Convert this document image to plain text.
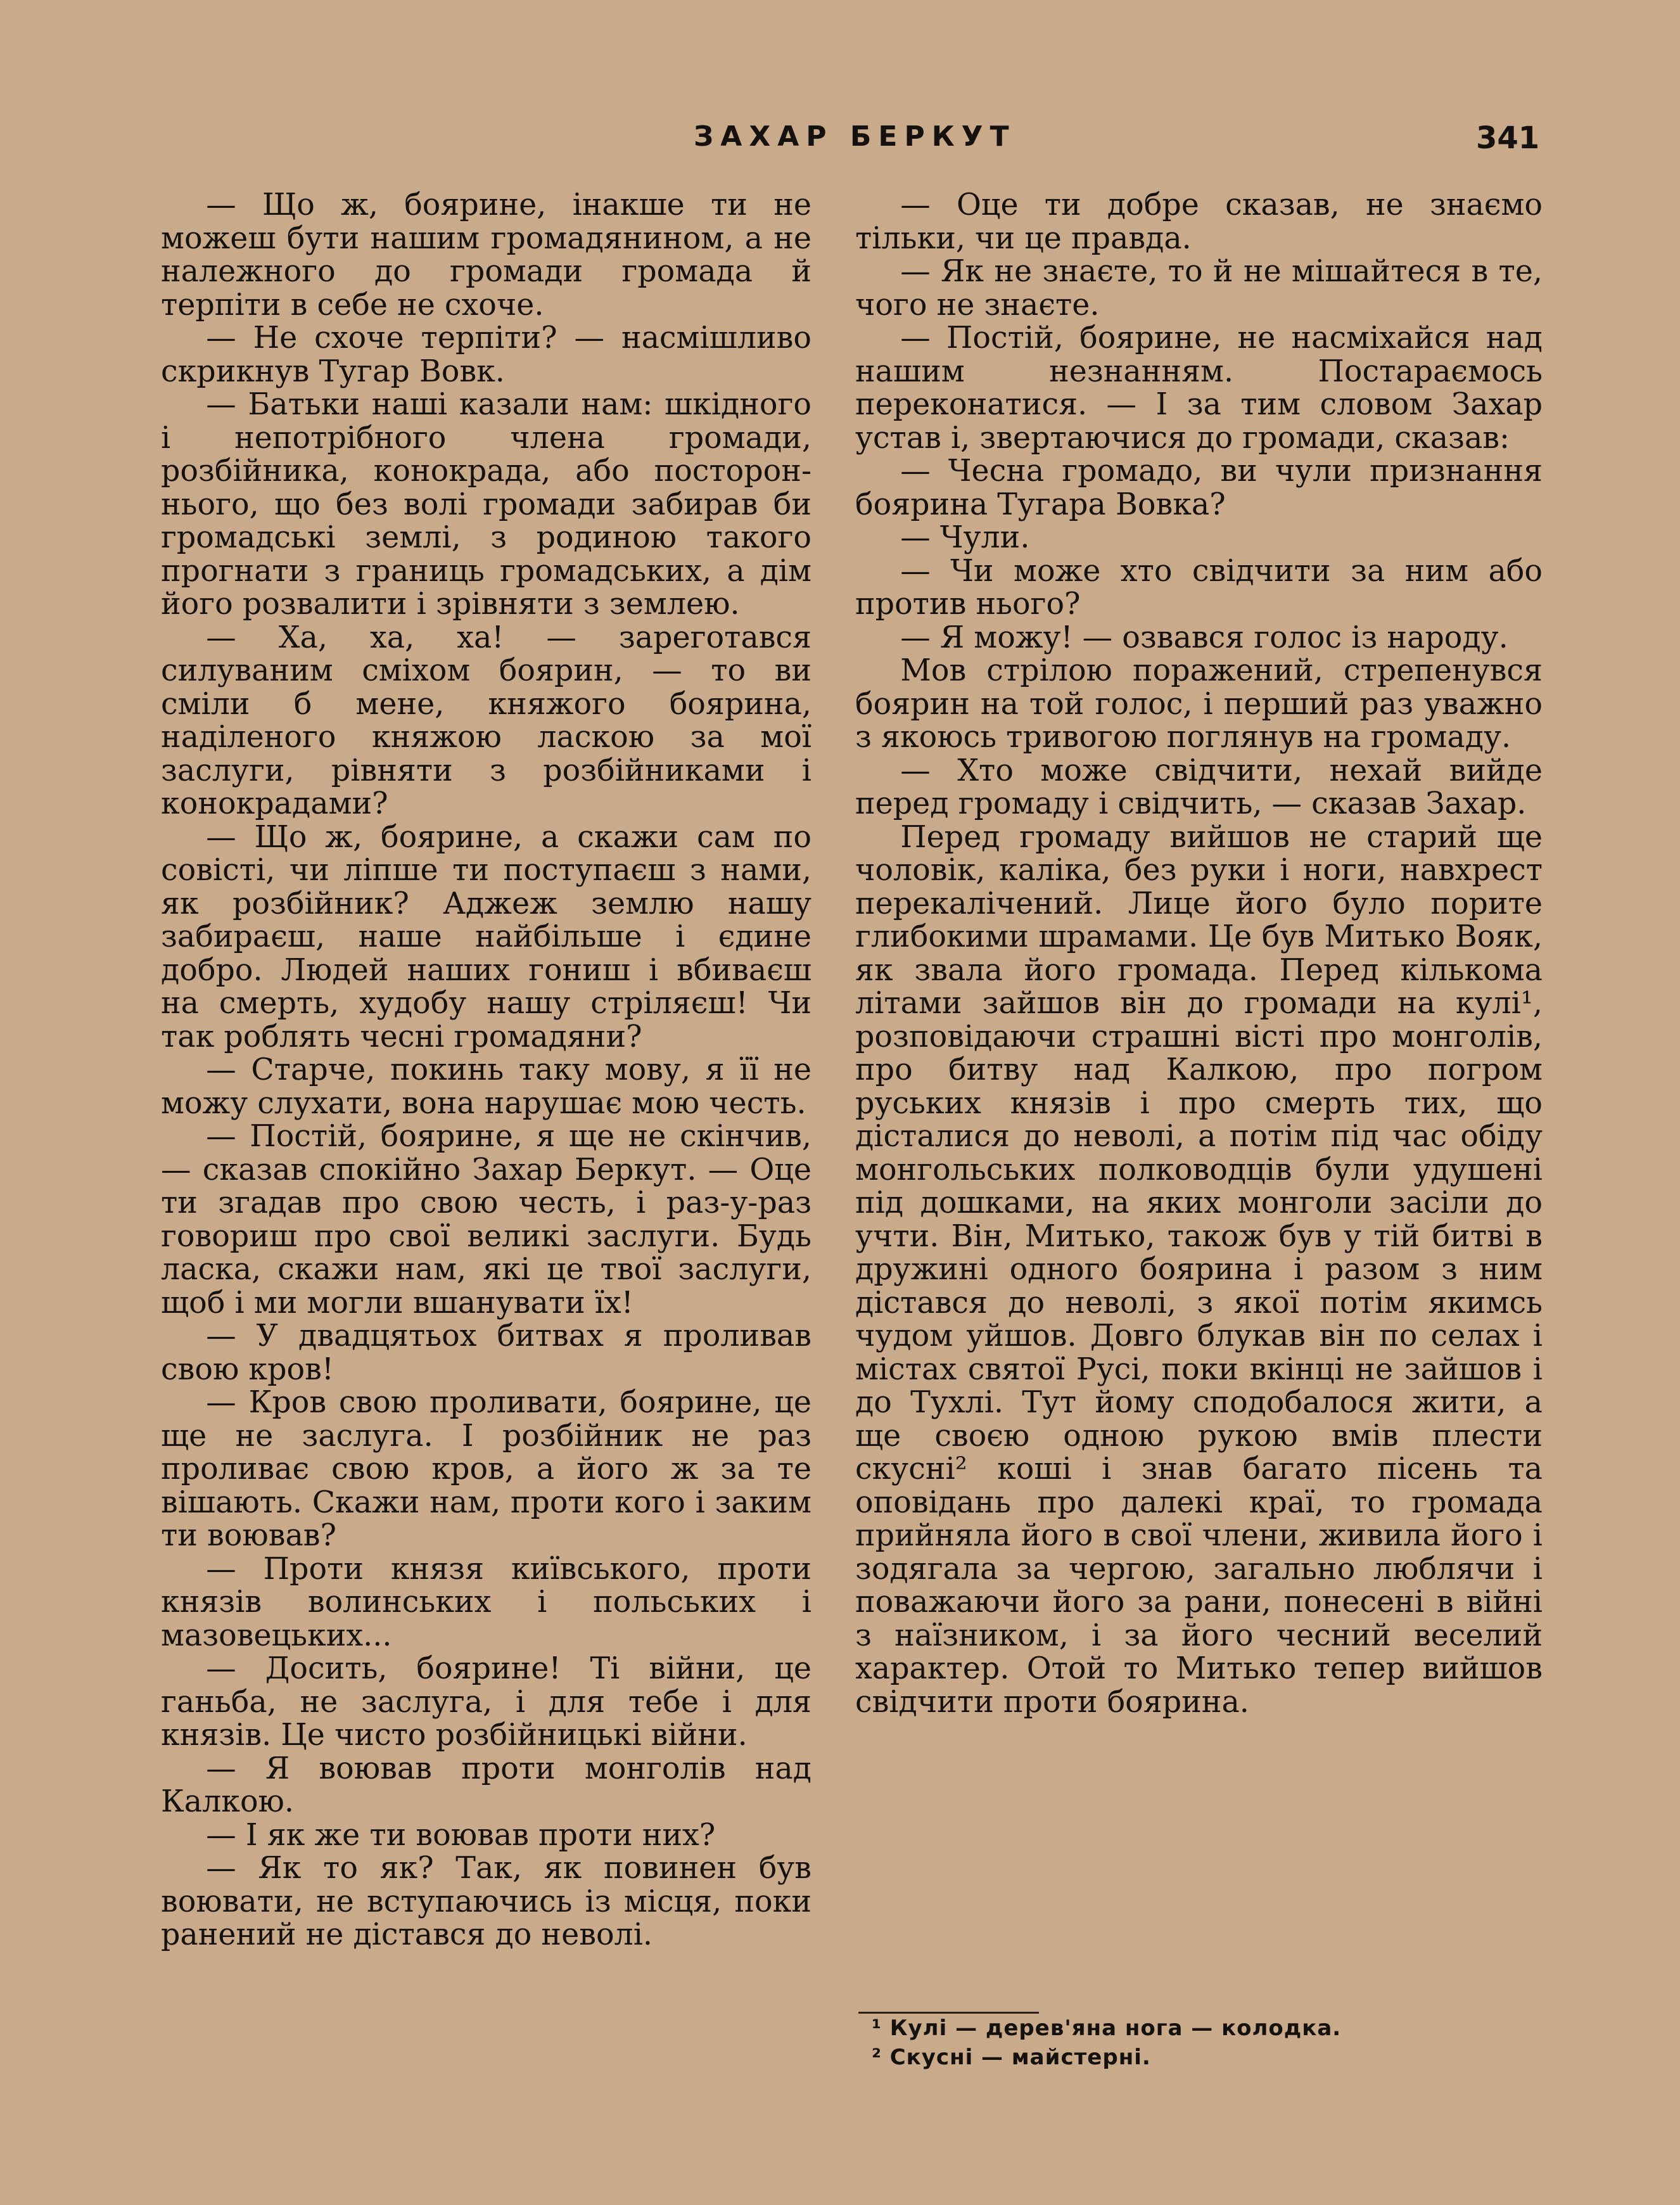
ЗАХАР БЕРКУТ	341

— Що ж, боярине, інакше ти не можеш бути нашим громадянином, а не належного до громади громада й терпіти в себе не схоче.

— Не схоче терпіти? — насмішливо скрикнув Тугар Вовк.

— Батьки наші казали нам: шкідного і непотрібного члена громади, розбійника, конокрада, або постороннього, що без волі громади забирав би громадські землі, з родиною такого прогнати з границь громадських, а дім його розвалити і зрівняти з землею.

— Ха, ха, ха! — зареготався силуваним сміхом боярин, — то ви сміли б мене, княжого боярина, наділеного княжою ласкою за мої заслуги, рівняти з розбійниками і конокрадами?

— Що ж, боярине, а скажи сам по совісті, чи ліпше ти поступаєш з нами, як розбійник? Аджеж землю нашу забираєш, наше найбільше і єдине добро. Людей наших гониш і вбиваєш на смерть, худобу нашу стріляєш! Чи так роблять чесні громадяни?

— Старче, покинь таку мову, я її не можу слухати, вона нарушає мою честь.

— Постій, боярине, я ще не скінчив, — сказав спокійно Захар Беркут. — Оце ти згадав про свою честь, і раз-у-раз говориш про свої великі заслуги. Будь ласка, скажи нам, які це твої заслуги, щоб і ми могли вшанувати їх!

— У двадцятьох битвах я проливав свою кров!

— Кров свою проливати, боярине, це ще не заслуга. І розбійник не раз проливає свою кров, а його ж за те вішають. Скажи нам, проти кого і заким ти воював?

— Проти князя київського, проти князів волинських і польських і мазовецьких...

— Досить, боярине! Ті війни, це ганьба, не заслуга, і для тебе і для князів. Це чисто розбійницькі війни.

— Я воював проти монголів над Калкою.

— І як же ти воював проти них?

— Як то як? Так, як повинен був воювати, не вступаючись із місця, поки ранений не дістався до неволі.

— Оце ти добре сказав, не знаємо тільки, чи це правда.

— Як не знаєте, то й не мішайтеся в те, чого не знаєте.

— Постій, боярине, не насміхайся над нашим незнанням. Постараємось переконатися. — І за тим словом Захар устав і, звертаючися до громади, сказав:

— Чесна громадо, ви чули признання боярина Тугара Вовка?

— Чули.

— Чи може хто свідчити за ним або против нього?

— Я можу! — озвався голос із народу.

Мов стрілою поражений, стрепенувся боярин на той голос, і перший раз уважно з якоюсь тривогою поглянув на громаду.

— Хто може свідчити, нехай вийде перед громаду і свідчить, — сказав Захар.

Перед громаду вийшов не старий ще чоловік, каліка, без руки і ноги, навхрест перекалічений. Лице його було порите глибокими шрамами. Це був Митько Вояк, як звала його громада. Перед кількома літами зайшов він до громади на кулі¹, розповідаючи страшні вісті про монголів, про битву над Калкою, про погром руських князів і про смерть тих, що дісталися до неволі, а потім під час обіду монгольських полководців були удушені під дошками, на яких монголи засіли до учти. Він, Митько, також був у тій битві в дружині одного боярина і разом з ним дістався до неволі, з якої потім якимсь чудом уйшов. Довго блукав він по селах і містах святої Русі, поки вкінці не зайшов і до Тухлі. Тут йому сподобалося жити, а ще своєю одною рукою вмів плести скусні² коші і знав багато пісень та оповідань про далекі краї, то громада прийняла його в свої члени, живила його і зодягала за чергою, загально люблячи і поважаючи його за рани, понесені в війні з наїзником, і за його чесний веселий характер. Отой то Митько тепер вийшов свідчити проти боярина.

¹ Кулі — дерев'яна нога — колодка.

² Скусні — майстерні.
